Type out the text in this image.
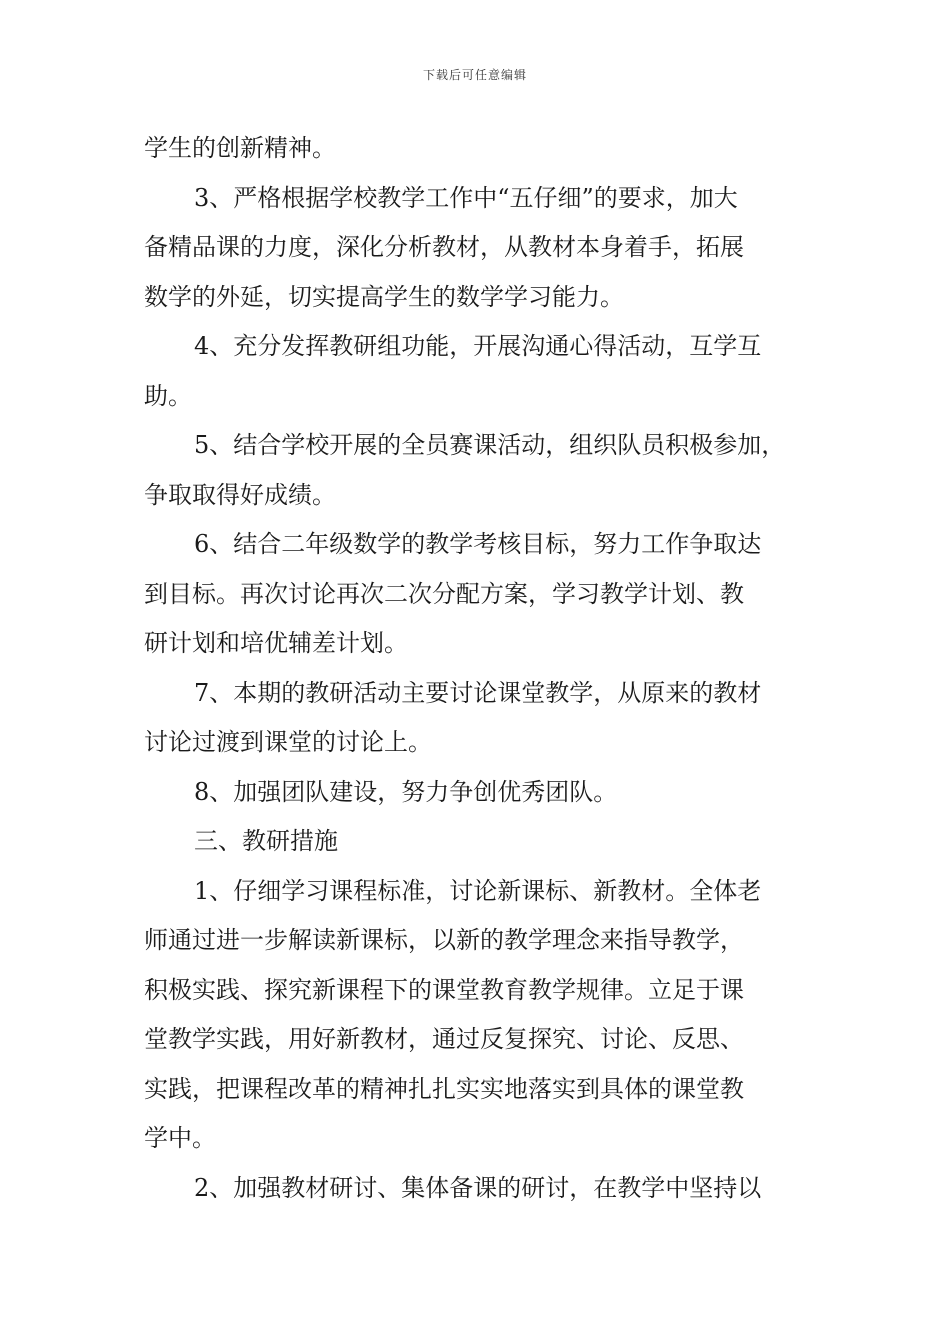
下载后可任意编辑
学生的创新精神。
3、严格根据学校教学工作中“五仔细”的要求，加大
备精品课的力度，深化分析教材，从教材本身着手，拓展
数学的外延，切实提高学生的数学学习能力。
4、充分发挥教研组功能，开展沟通心得活动，互学互
助。
5、结合学校开展的全员赛课活动，组织队员积极参加，
争取取得好成绩。
6、结合二年级数学的教学考核目标，努力工作争取达
到目标。再次讨论再次二次分配方案，学习教学计划、教
研计划和培优辅差计划。
7、本期的教研活动主要讨论课堂教学，从原来的教材
讨论过渡到课堂的讨论上。
8、加强团队建设，努力争创优秀团队。
三、教研措施
1、仔细学习课程标准，讨论新课标、新教材。全体老
师通过进一步解读新课标，以新的教学理念来指导教学，
积极实践、探究新课程下的课堂教育教学规律。立足于课
堂教学实践，用好新教材，通过反复探究、讨论、反思、
实践，把课程改革的精神扎扎实实地落实到具体的课堂教
学中。
2、加强教材研讨、集体备课的研讨，在教学中坚持以
